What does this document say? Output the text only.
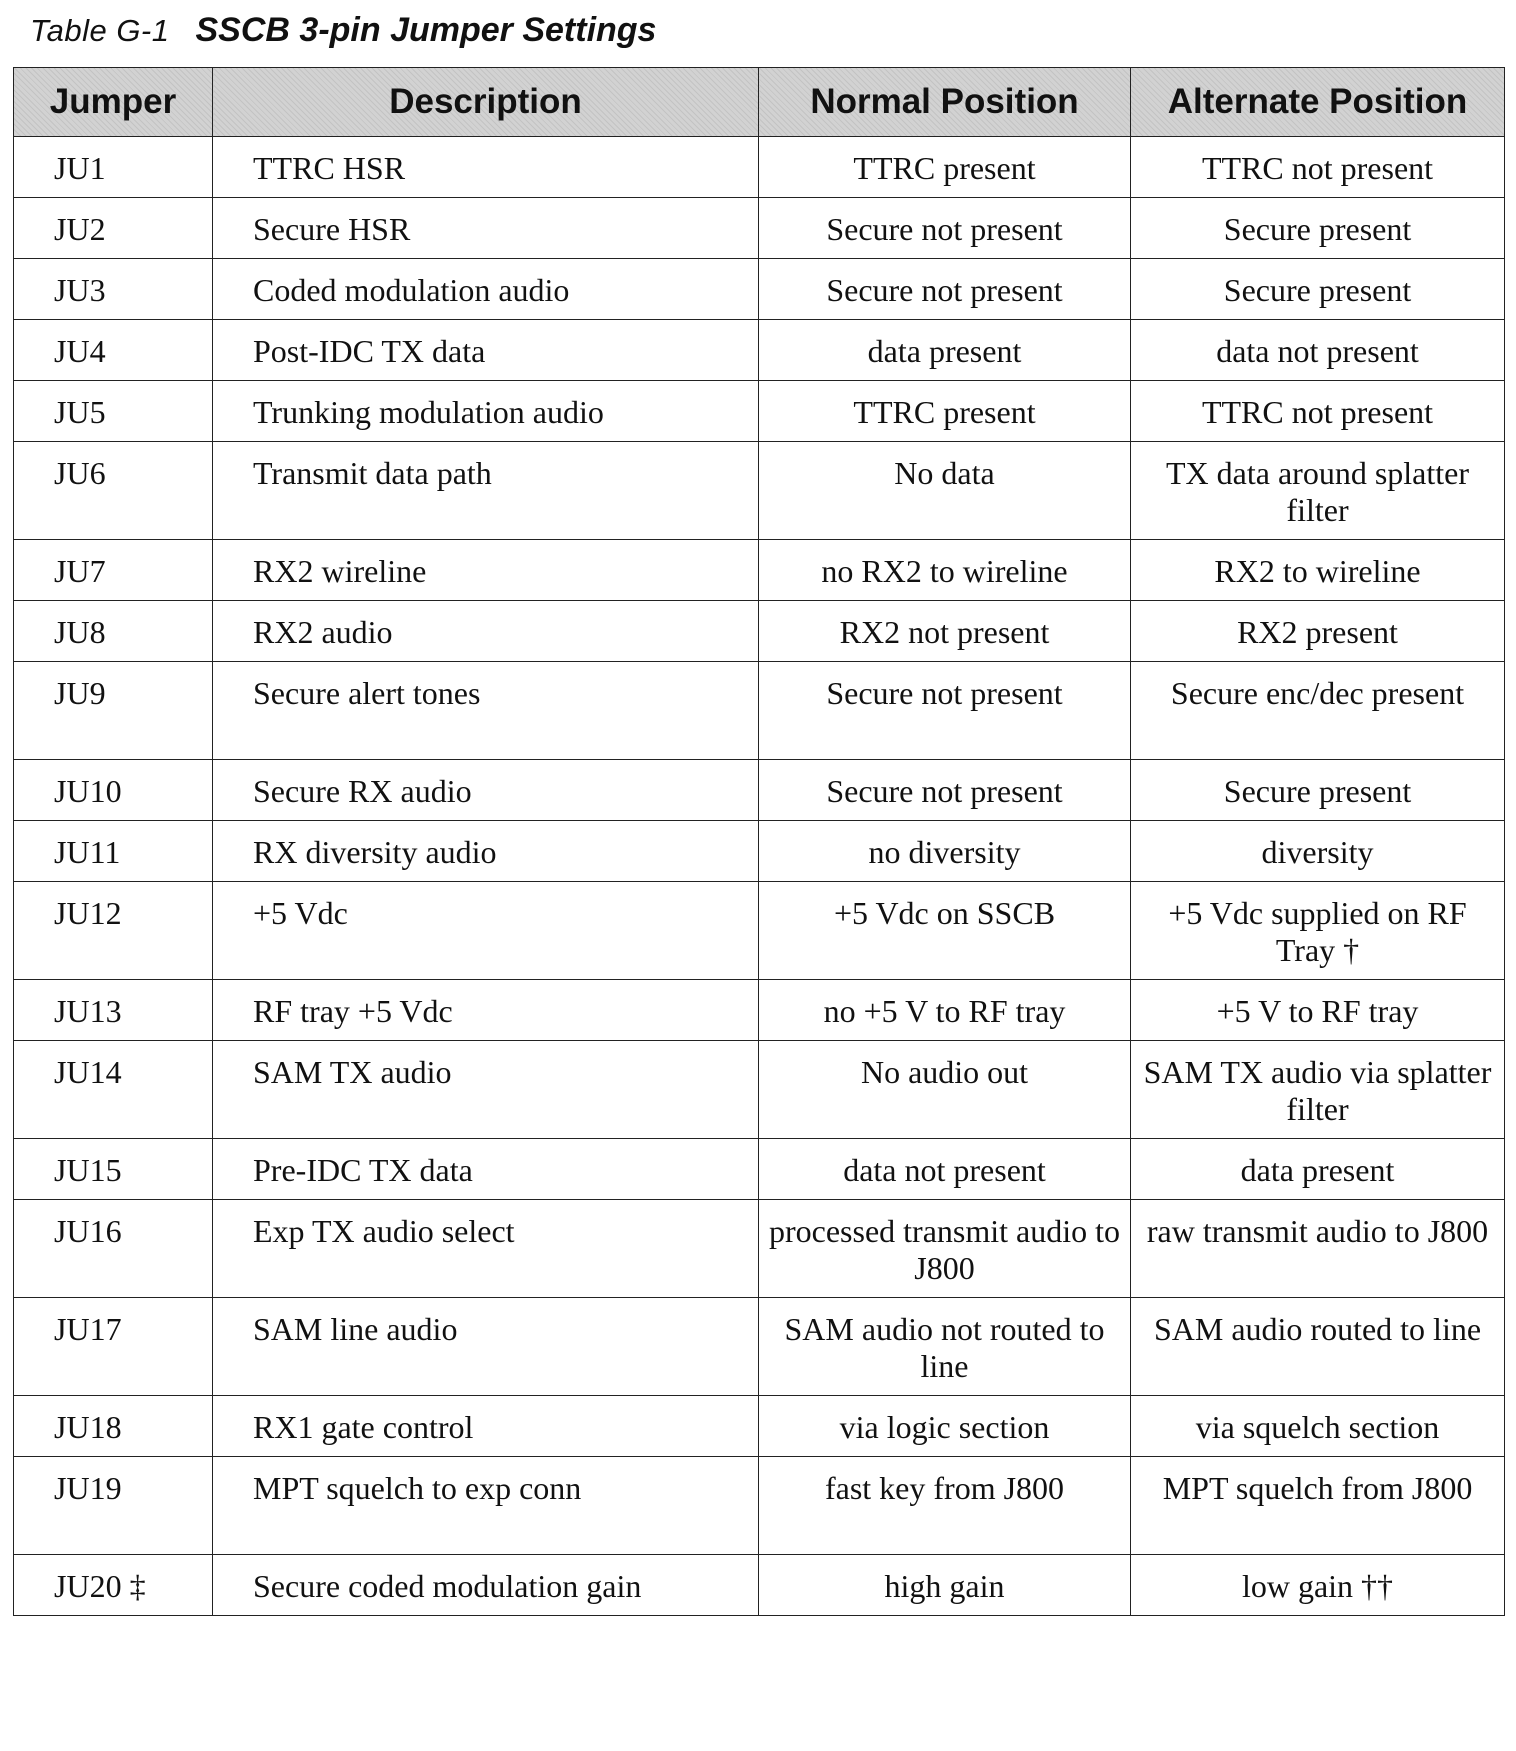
Table G-1 SSCB 3-pin Jumper Settings
Jumper	Description	Normal Position	Alternate Position
JU1	TTRC HSR	TTRC present	TTRC not present
JU2	Secure HSR	Secure not present	Secure present
JU3	Coded modulation audio	Secure not present	Secure present
JU4	Post-IDC TX data	data present	data not present
JU5	Trunking modulation audio	TTRC present	TTRC not present
JU6	Transmit data path	No data	TX data around splatter filter
JU7	RX2 wireline	no RX2 to wireline	RX2 to wireline
JU8	RX2 audio	RX2 not present	RX2 present
JU9	Secure alert tones	Secure not present	Secure enc/dec present
JU10	Secure RX audio	Secure not present	Secure present
JU11	RX diversity audio	no diversity	diversity
JU12	+5 Vdc	+5 Vdc on SSCB	+5 Vdc supplied on RF Tray †
JU13	RF tray +5 Vdc	no +5 V to RF tray	+5 V to RF tray
JU14	SAM TX audio	No audio out	SAM TX audio via splatter filter
JU15	Pre-IDC TX data	data not present	data present
JU16	Exp TX audio select	processed transmit audio to J800	raw transmit audio to J800
JU17	SAM line audio	SAM audio not routed to line	SAM audio routed to line
JU18	RX1 gate control	via logic section	via squelch section
JU19	MPT squelch to exp conn	fast key from J800	MPT squelch from J800
JU20 ‡	Secure coded modulation gain	high gain	low gain ††
